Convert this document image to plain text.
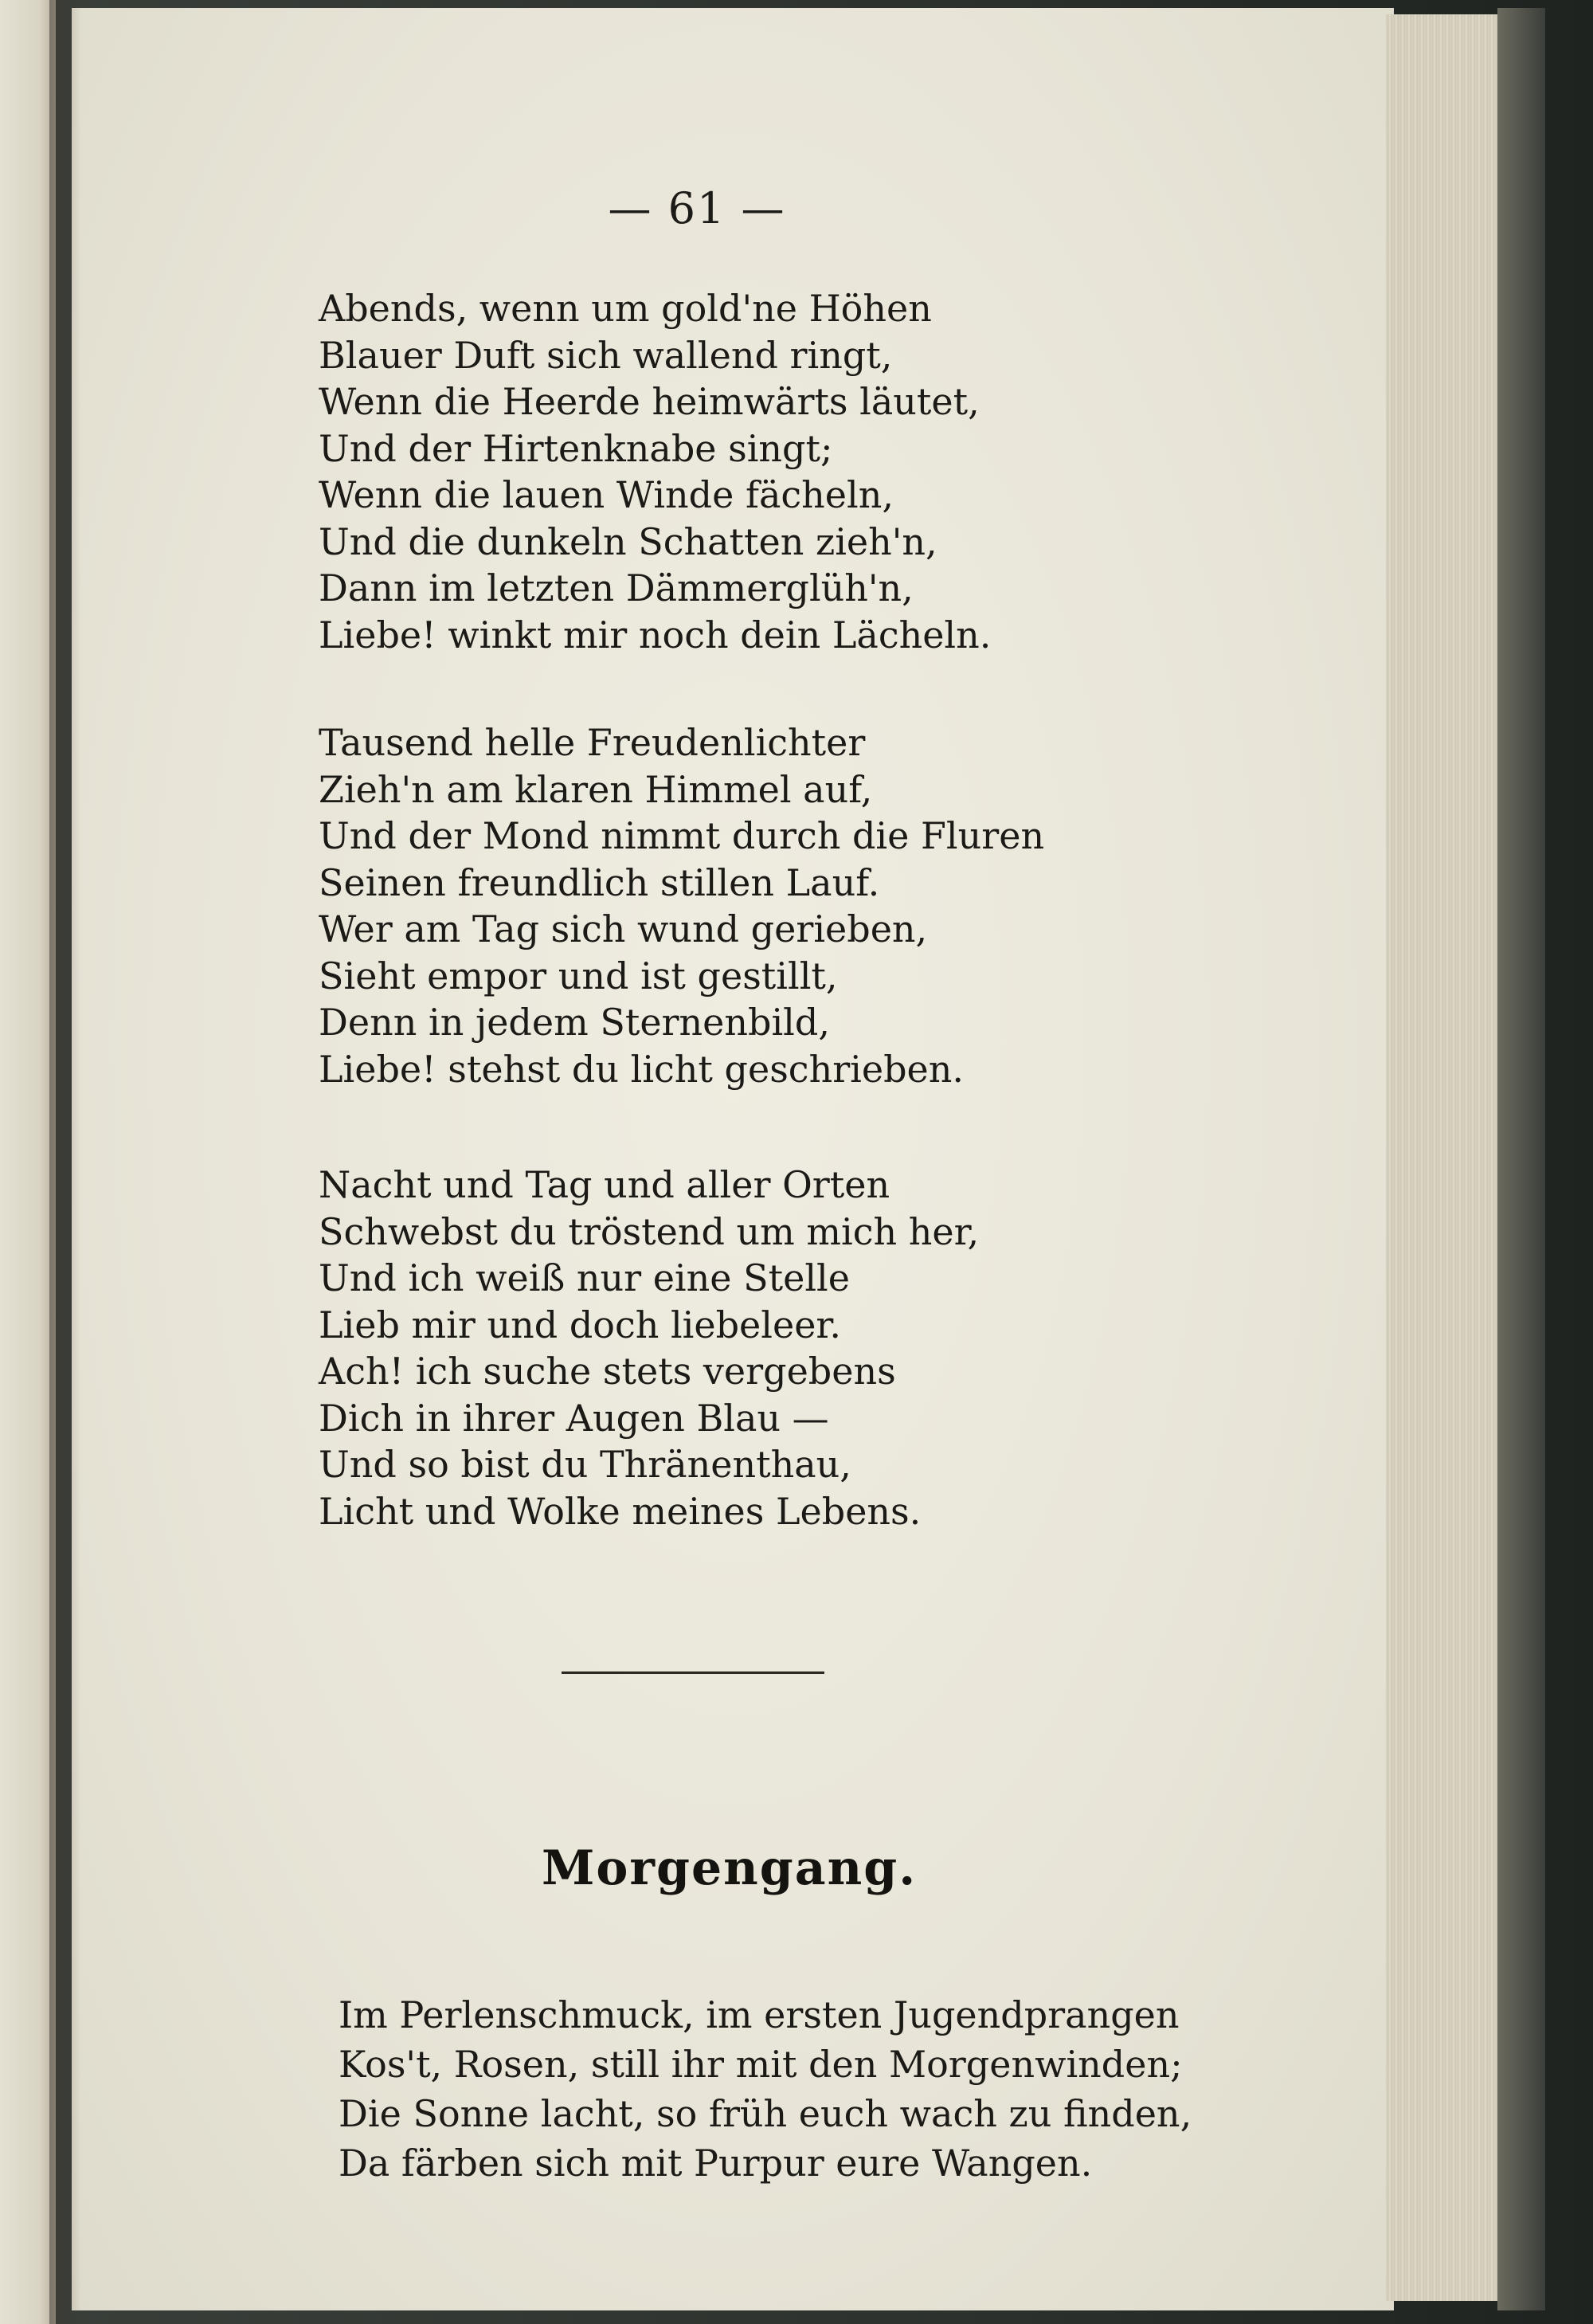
— 61 —
Abends, wenn um gold'ne Höhen
Blauer Duft sich wallend ringt,
Wenn die Heerde heimwärts läutet,
Und der Hirtenknabe singt;
Wenn die lauen Winde fächeln,
Und die dunkeln Schatten zieh'n,
Dann im letzten Dämmerglüh'n,
Liebe! winkt mir noch dein Lächeln.
Tausend helle Freudenlichter
Zieh'n am klaren Himmel auf,
Und der Mond nimmt durch die Fluren
Seinen freundlich stillen Lauf.
Wer am Tag sich wund gerieben,
Sieht empor und ist gestillt,
Denn in jedem Sternenbild,
Liebe! stehst du licht geschrieben.
Nacht und Tag und aller Orten
Schwebst du tröstend um mich her,
Und ich weiß nur eine Stelle
Lieb mir und doch liebeleer.
Ach! ich suche stets vergebens
Dich in ihrer Augen Blau —
Und so bist du Thränenthau,
Licht und Wolke meines Lebens.
Morgengang.
Im Perlenschmuck, im ersten Jugendprangen
Kos't, Rosen, still ihr mit den Morgenwinden;
Die Sonne lacht, so früh euch wach zu finden,
Da färben sich mit Purpur eure Wangen.
